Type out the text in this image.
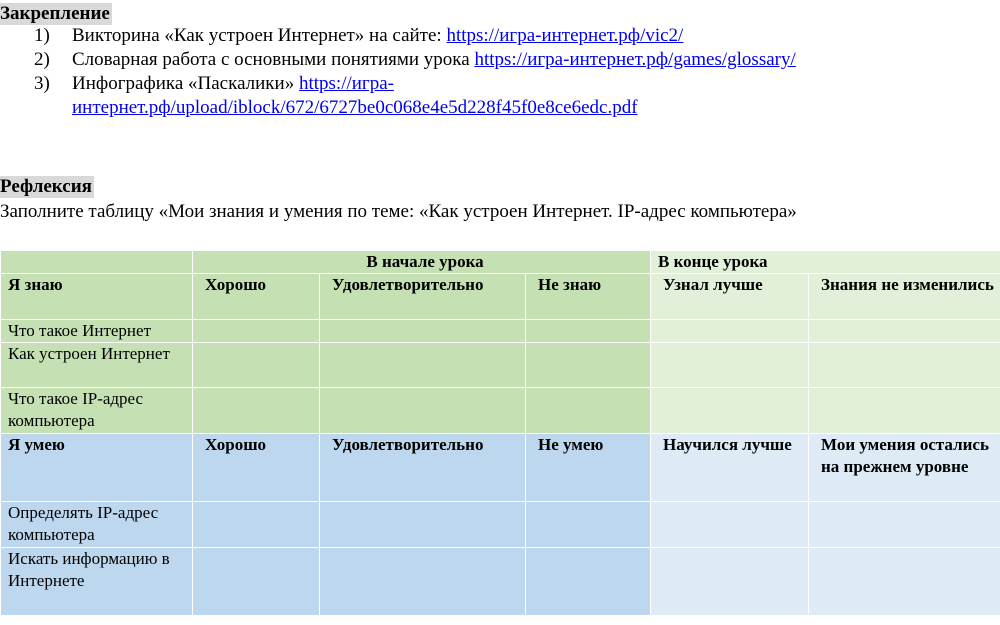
Закрепление
1) Викторина «Как устроен Интернет» на сайте: https://игра-интернет.рф/vic2/
2) Словарная работа с основными понятиями урока https://игра-интернет.рф/games/glossary/
3) Инфографика «Паскалики» https://игра-интернет.рф/upload/iblock/672/6727be0c068e4e5d228f45f0e8ce6edc.pdf
Рефлексия
Заполните таблицу «Мои знания и умения по теме: «Как устроен Интернет. IP-адрес компьютера»
	В начале урока			В конце урока	
Я знаю	Хорошо	Удовлетворительно	Не знаю	Узнал лучше	Знания не изменились
Что такое Интернет					
Как устроен Интернет					
Что такое IP-адрес компьютера					
Я умею	Хорошо	Удовлетворительно	Не умею	Научился лучше	Мои умения остались на прежнем уровне
Определять IP-адрес компьютера					
Искать информацию в Интернете					
